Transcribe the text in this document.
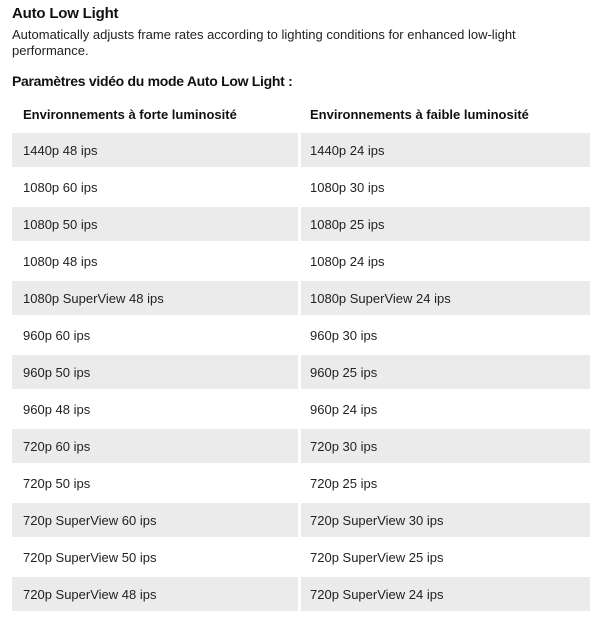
Auto Low Light
Automatically adjusts frame rates according to lighting conditions for enhanced low-light performance.
Paramètres vidéo du mode Auto Low Light :
Environnements à forte luminosité	Environnements à faible luminosité
1440p 48 ips	1440p 24 ips
1080p 60 ips	1080p 30 ips
1080p 50 ips	1080p 25 ips
1080p 48 ips	1080p 24 ips
1080p SuperView 48 ips	1080p SuperView 24 ips
960p 60 ips	960p 30 ips
960p 50 ips	960p 25 ips
960p 48 ips	960p 24 ips
720p 60 ips	720p 30 ips
720p 50 ips	720p 25 ips
720p SuperView 60 ips	720p SuperView 30 ips
720p SuperView 50 ips	720p SuperView 25 ips
720p SuperView 48 ips	720p SuperView 24 ips
